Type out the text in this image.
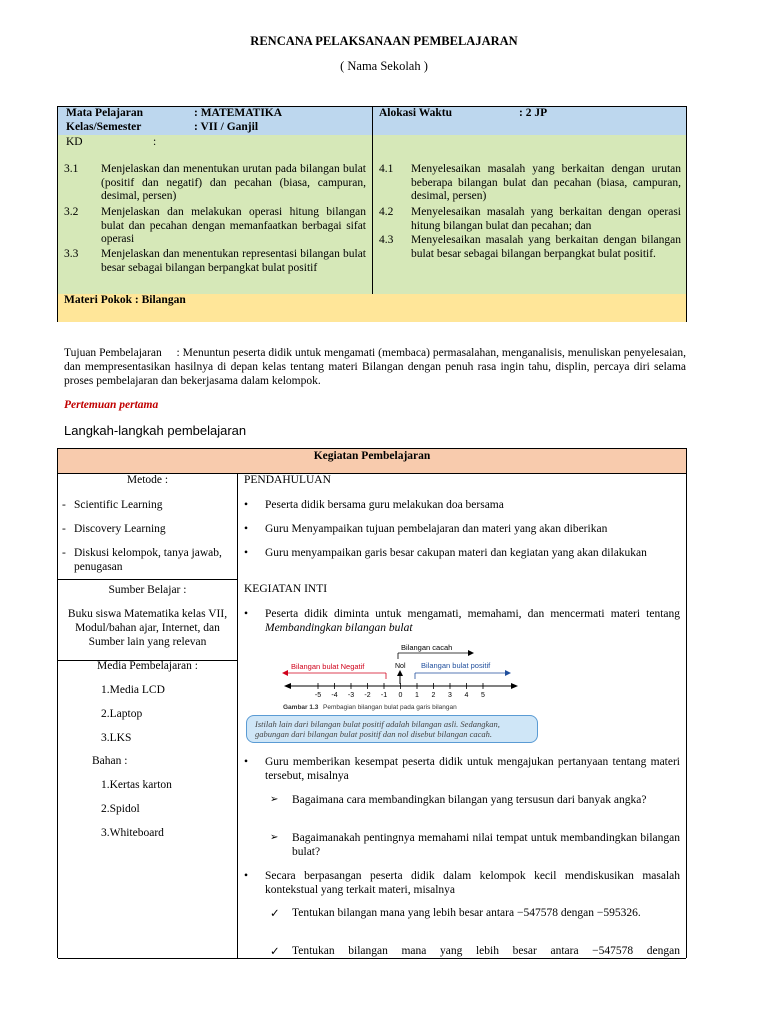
RENCANA PELAKSANAAN PEMBELAJARAN
( Nama Sekolah )
Mata Pelajaran	: MATEMATIKA
Kelas/Semester	: VII / Ganjil
Alokasi Waktu	: 2 JP
KD	:
3.1 Menjelaskan dan menentukan urutan pada bilangan bulat (positif dan negatif) dan pecahan (biasa, campuran, desimal, persen)
3.2 Menjelaskan dan melakukan operasi hitung bilangan bulat dan pecahan dengan memanfaatkan berbagai sifat operasi
3.3 Menjelaskan dan menentukan representasi bilangan bulat besar sebagai bilangan berpangkat bulat positif
4.1 Menyelesaikan masalah yang berkaitan dengan urutan beberapa bilangan bulat dan pecahan (biasa, campuran, desimal, persen)
4.2 Menyelesaikan masalah yang berkaitan dengan operasi hitung bilangan bulat dan pecahan; dan
4.3 Menyelesaikan masalah yang berkaitan dengan bilangan bulat besar sebagai bilangan berpangkat bulat positif.
Materi Pokok : Bilangan
Tujuan Pembelajaran : Menuntun peserta didik untuk mengamati (membaca) permasalahan, menganalisis, menuliskan penyelesaian, dan mempresentasikan hasilnya di depan kelas tentang materi Bilangan dengan penuh rasa ingin tahu, displin, percaya diri selama proses pembelajaran dan bekerjasama dalam kelompok.
Pertemuan pertama
Langkah-langkah pembelajaran
Kegiatan Pembelajaran
Metode :
- Scientific Learning
- Discovery Learning
- Diskusi kelompok, tanya jawab, penugasan
Sumber Belajar :
Buku siswa Matematika kelas VII, Modul/bahan ajar, Internet, dan Sumber lain yang relevan
Media Pembelajaran :
1.Media LCD
2.Laptop
3.LKS
Bahan :
1.Kertas karton
2.Spidol
3.Whiteboard
PENDAHULUAN
• Peserta didik bersama guru melakukan doa bersama
• Guru Menyampaikan tujuan pembelajaran dan materi yang akan diberikan
• Guru menyampaikan garis besar cakupan materi dan kegiatan yang akan dilakukan
KEGIATAN INTI
• Peserta didik diminta untuk mengamati, memahami, dan mencermati materi tentang Membandingkan bilangan bulat
• Guru memberikan kesempat peserta didik untuk mengajukan pertanyaan tentang materi tersebut, misalnya
➢ Bagaimana cara membandingkan bilangan yang tersusun dari banyak angka?
➢ Bagaimanakah pentingnya memahami nilai tempat untuk membandingkan bilangan bulat?
• Secara berpasangan peserta didik dalam kelompok kecil mendiskusikan masalah kontekstual yang terkait materi, misalnya
✓ Tentukan bilangan mana yang lebih besar antara −547578 dengan −595326.
✓ Tentukan bilangan mana yang lebih besar antara −547578 dengan
Bilangan cacah
Bilangan bulat Negatif	Nol Bilangan bulat positif
-5 -4 -3 -2 -1 0 1 2 3 4 5
Gambar 1.3 Pembagian bilangan bulat pada garis bilangan
Istilah lain dari bilangan bulat positif adalah bilangan asli. Sedangkan, gabungan dari bilangan bulat positif dan nol disebut bilangan cacah.
